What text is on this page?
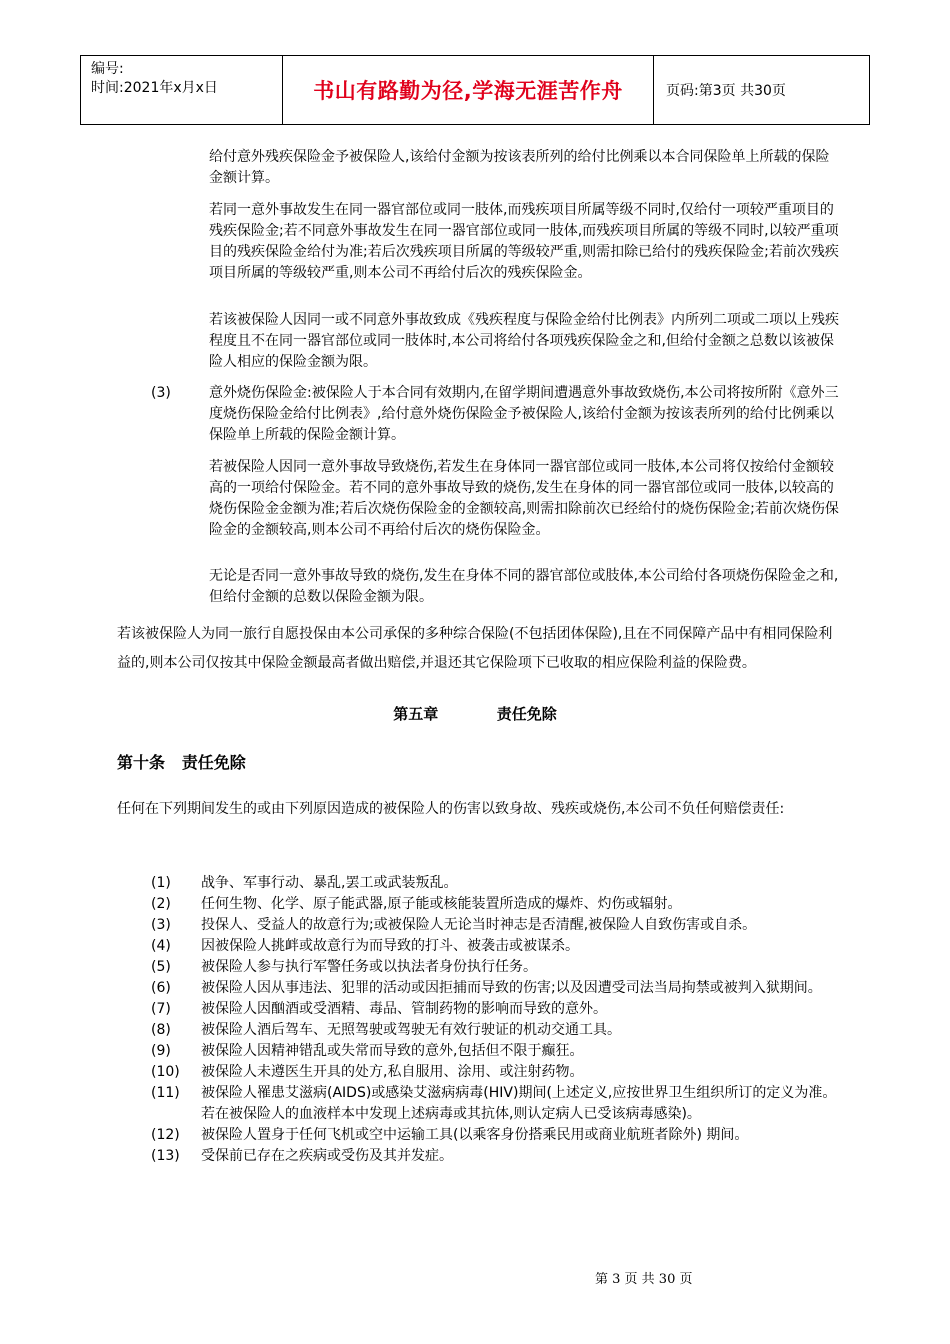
编号:
时间:2021年x月x日	书山有路勤为径,学海无涯苦作舟	页码:第3页 共30页

给付意外残疾保险金予被保险人,该给付金额为按该表所列的给付比例乘以本合同保险单上所载的保险金额计算。

若同一意外事故发生在同一器官部位或同一肢体,而残疾项目所属等级不同时,仅给付一项较严重项目的残疾保险金;若不同意外事故发生在同一器官部位或同一肢体,而残疾项目所属的等级不同时,以较严重项目的残疾保险金给付为准;若后次残疾项目所属的等级较严重,则需扣除已给付的残疾保险金;若前次残疾项目所属的等级较严重,则本公司不再给付后次的残疾保险金。

若该被保险人因同一或不同意外事故致成《残疾程度与保险金给付比例表》内所列二项或二项以上残疾程度且不在同一器官部位或同一肢体时,本公司将给付各项残疾保险金之和,但给付金额之总数以该被保险人相应的保险金额为限。

(3)	意外烧伤保险金:被保险人于本合同有效期内,在留学期间遭遇意外事故致烧伤,本公司将按所附《意外三度烧伤保险金给付比例表》,给付意外烧伤保险金予被保险人,该给付金额为按该表所列的给付比例乘以保险单上所载的保险金额计算。

若被保险人因同一意外事故导致烧伤,若发生在身体同一器官部位或同一肢体,本公司将仅按给付金额较高的一项给付保险金。若不同的意外事故导致的烧伤,发生在身体的同一器官部位或同一肢体,以较高的烧伤保险金金额为准;若后次烧伤保险金的金额较高,则需扣除前次已经给付的烧伤保险金;若前次烧伤保险金的金额较高,则本公司不再给付后次的烧伤保险金。

无论是否同一意外事故导致的烧伤,发生在身体不同的器官部位或肢体,本公司给付各项烧伤保险金之和,但给付金额的总数以保险金额为限。

若该被保险人为同一旅行自愿投保由本公司承保的多种综合保险(不包括团体保险),且在不同保障产品中有相同保险利益的,则本公司仅按其中保险金额最高者做出赔偿,并退还其它保险项下已收取的相应保险利益的保险费。

第五章	责任免除
第十条   责任免除

任何在下列期间发生的或由下列原因造成的被保险人的伤害以致身故、残疾或烧伤,本公司不负任何赔偿责任:

(1)	战争、军事行动、暴乱,罢工或武装叛乱。
(2)	任何生物、化学、原子能武器,原子能或核能装置所造成的爆炸、灼伤或辐射。
(3)	投保人、受益人的故意行为;或被保险人无论当时神志是否清醒,被保险人自致伤害或自杀。
(4)	因被保险人挑衅或故意行为而导致的打斗、被袭击或被谋杀。
(5)	被保险人参与执行军警任务或以执法者身份执行任务。
(6)	被保险人因从事违法、犯罪的活动或因拒捕而导致的伤害;以及因遭受司法当局拘禁或被判入狱期间。
(7)	被保险人因酗酒或受酒精、毒品、管制药物的影响而导致的意外。
(8)	被保险人酒后驾车、无照驾驶或驾驶无有效行驶证的机动交通工具。
(9)	被保险人因精神错乱或失常而导致的意外,包括但不限于癫狂。
(10)	被保险人未遵医生开具的处方,私自服用、涂用、或注射药物。
(11)	被保险人罹患艾滋病(AIDS)或感染艾滋病病毒(HIV)期间(上述定义,应按世界卫生组织所订的定义为准。若在被保险人的血液样本中发现上述病毒或其抗体,则认定病人已受该病毒感染)。
(12)	被保险人置身于任何飞机或空中运输工具(以乘客身份搭乘民用或商业航班者除外) 期间。
(13)	受保前已存在之疾病或受伤及其并发症。
第 3 页 共 30 页
